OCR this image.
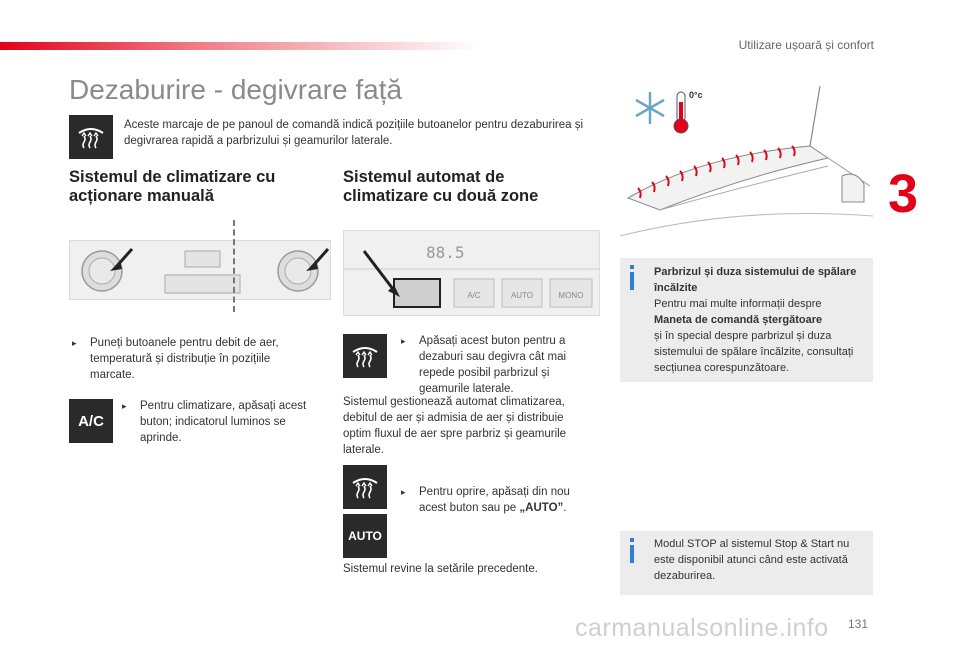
Utilizare ușoară și confort
Dezaburire - degivrare față
3
Aceste marcaje de pe panoul de comandă indică pozițiile butoanelor pentru dezaburirea și degivrarea rapidă a parbrizului și geamurilor laterale.
Sistemul de climatizare cu
acționare manuală
▸ Puneți butoanele pentru debit de aer, temperatură și distribuție în pozițiile marcate.
A/C
▸ Pentru climatizare, apăsați acest buton; indicatorul luminos se aprinde.
Sistemul automat de
climatizare cu două zone
88.5
A/C	AUTO	MONO
▸ Apăsați acest buton pentru a dezaburi sau degivra cât mai repede posibil parbrizul și geamurile laterale.
Sistemul gestionează automat climatizarea, debitul de aer și admisia de aer și distribuie optim fluxul de aer spre parbriz și geamurile laterale.
▸ Pentru oprire, apăsați din nou acest buton sau pe „AUTO”.
AUTO
Sistemul revine la setările precedente.
0°c
Parbrizul și duza sistemului de spălare încălzite
Pentru mai multe informații despre
Maneta de comandă ștergătoare
și în special despre parbrizul și duza sistemului de spălare încălzite, consultați secțiunea corespunzătoare.
Modul STOP al sistemul Stop & Start nu este disponibil atunci când este activată dezaburirea.
131
carmanualsonline.info
